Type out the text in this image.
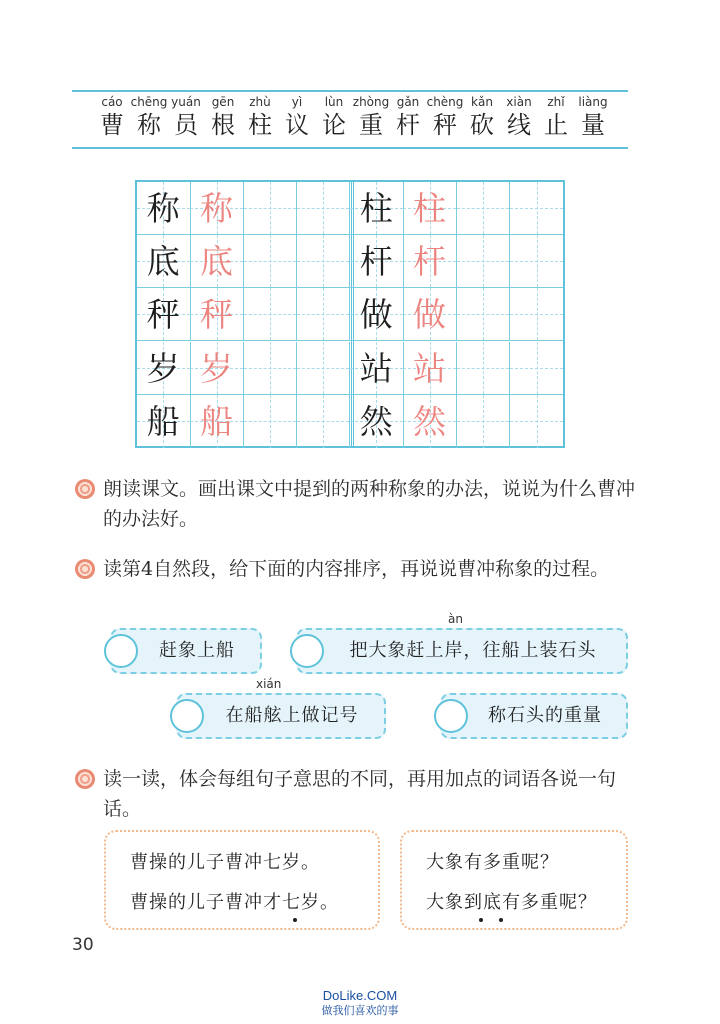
cáo
曹
chēng
称
yuán
员
gēn
根
zhù
柱
yì
议
lùn
论
zhòng
重
gǎn
杆
chèng
秤
kǎn
砍
xiàn
线
zhǐ
止
liàng
量
称 称	柱 柱
底 底	杆 杆
秤 秤	做 做
岁 岁	站 站
船 船	然 然
朗读课文。画出课文中提到的两种称象的办法，说说为什么曹冲的办法好。
读第4自然段，给下面的内容排序，再说说曹冲称象的过程。
赶象上船
àn
把大象赶上岸，往船上装石头
xián
在船舷上做记号	称石头的重量
读一读，体会每组句子意思的不同，再用加点的词语各说一句话。

曹操的儿子曹冲七岁。

曹操的儿子曹冲才七岁。

大象有多重呢？

大象到底有多重呢？

30
DoLike.COM
做我们喜欢的事
